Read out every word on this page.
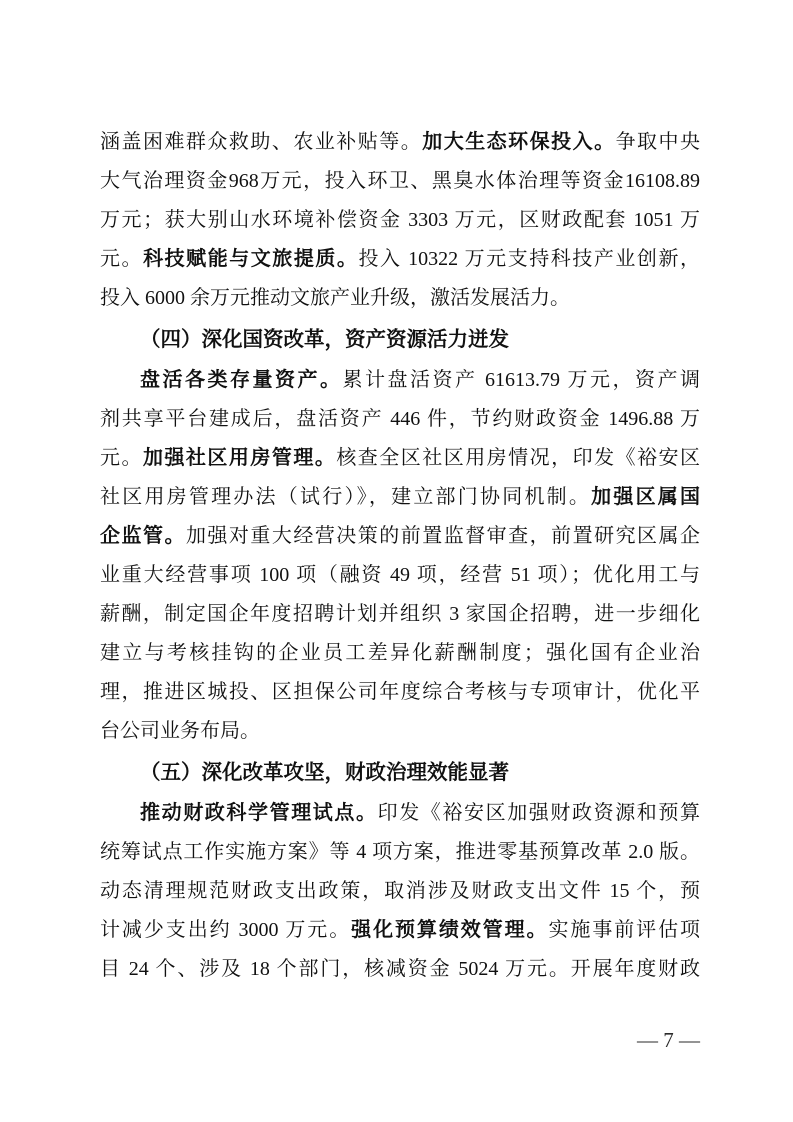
涵盖困难群众救助、农业补贴等。加大生态环保投入。争取中央
大气治理资金968万元，投入环卫、黑臭水体治理等资金16108.89
万元；获大别山水环境补偿资金 3303 万元，区财政配套 1051 万
元。科技赋能与文旅提质。投入 10322 万元支持科技产业创新，
投入 6000 余万元推动文旅产业升级，激活发展活力。
（四）深化国资改革，资产资源活力迸发
盘活各类存量资产。累计盘活资产 61613.79 万元，资产调
剂共享平台建成后，盘活资产 446 件，节约财政资金 1496.88 万
元。加强社区用房管理。核查全区社区用房情况，印发《裕安区
社区用房管理办法（试行）》，建立部门协同机制。加强区属国
企监管。加强对重大经营决策的前置监督审查，前置研究区属企
业重大经营事项 100 项（融资 49 项，经营 51 项）；优化用工与
薪酬，制定国企年度招聘计划并组织 3 家国企招聘，进一步细化
建立与考核挂钩的企业员工差异化薪酬制度；强化国有企业治
理，推进区城投、区担保公司年度综合考核与专项审计，优化平
台公司业务布局。
（五）深化改革攻坚，财政治理效能显著
推动财政科学管理试点。印发《裕安区加强财政资源和预算
统筹试点工作实施方案》等 4 项方案，推进零基预算改革 2.0 版。
动态清理规范财政支出政策，取消涉及财政支出文件 15 个，预
计减少支出约 3000 万元。强化预算绩效管理。实施事前评估项
目 24 个、涉及 18 个部门，核减资金 5024 万元。开展年度财政
— 7 —
